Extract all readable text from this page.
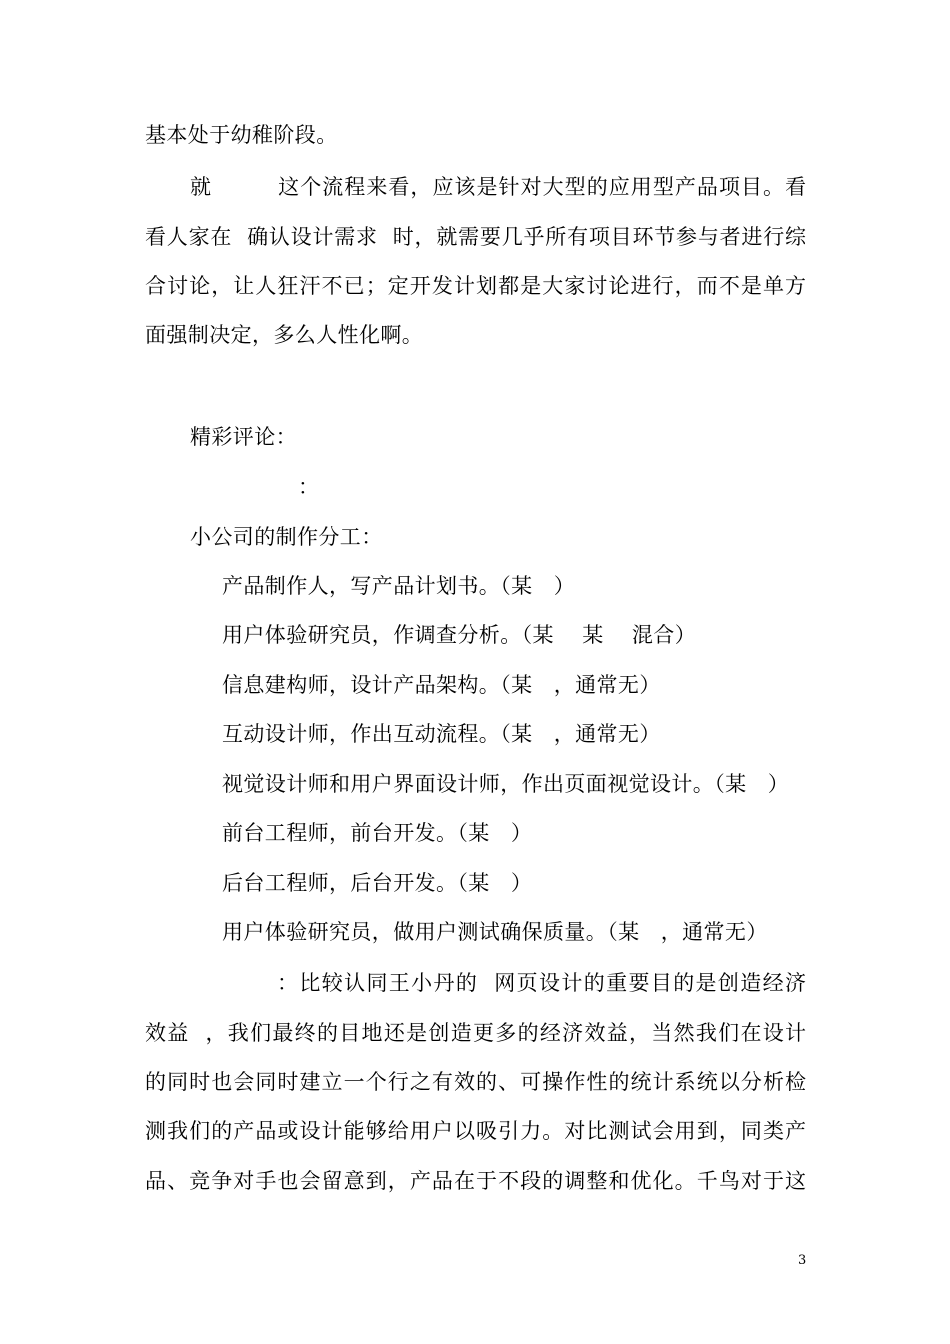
基本处于幼稚阶段。
就　　　这个流程来看，应该是针对大型的应用型产品项目。看
看人家在  确认设计需求  时，就需要几乎所有项目环节参与者进行综
合讨论，让人狂汗不已；定开发计划都是大家讨论进行，而不是单方
面强制决定，多么人性化啊。
精彩评论：
：
小公司的制作分工：
产品制作人，写产品计划书。（某   ）
用户体验研究员，作调查分析。（某    某    混合）
信息建构师，设计产品架构。（某   ，通常无）
互动设计师，作出互动流程。（某   ，通常无）
视觉设计师和用户界面设计师，作出页面视觉设计。（某   ）
前台工程师，前台开发。（某   ）
后台工程师，后台开发。（某   ）
用户体验研究员，做用户测试确保质量。（某   ，通常无）
：比较认同王小丹的  网页设计的重要目的是创造经济
效益  ，我们最终的目地还是创造更多的经济效益，当然我们在设计
的同时也会同时建立一个行之有效的、可操作性的统计系统以分析检
测我们的产品或设计能够给用户以吸引力。对比测试会用到，同类产
品、竞争对手也会留意到，产品在于不段的调整和优化。千鸟对于这
3
